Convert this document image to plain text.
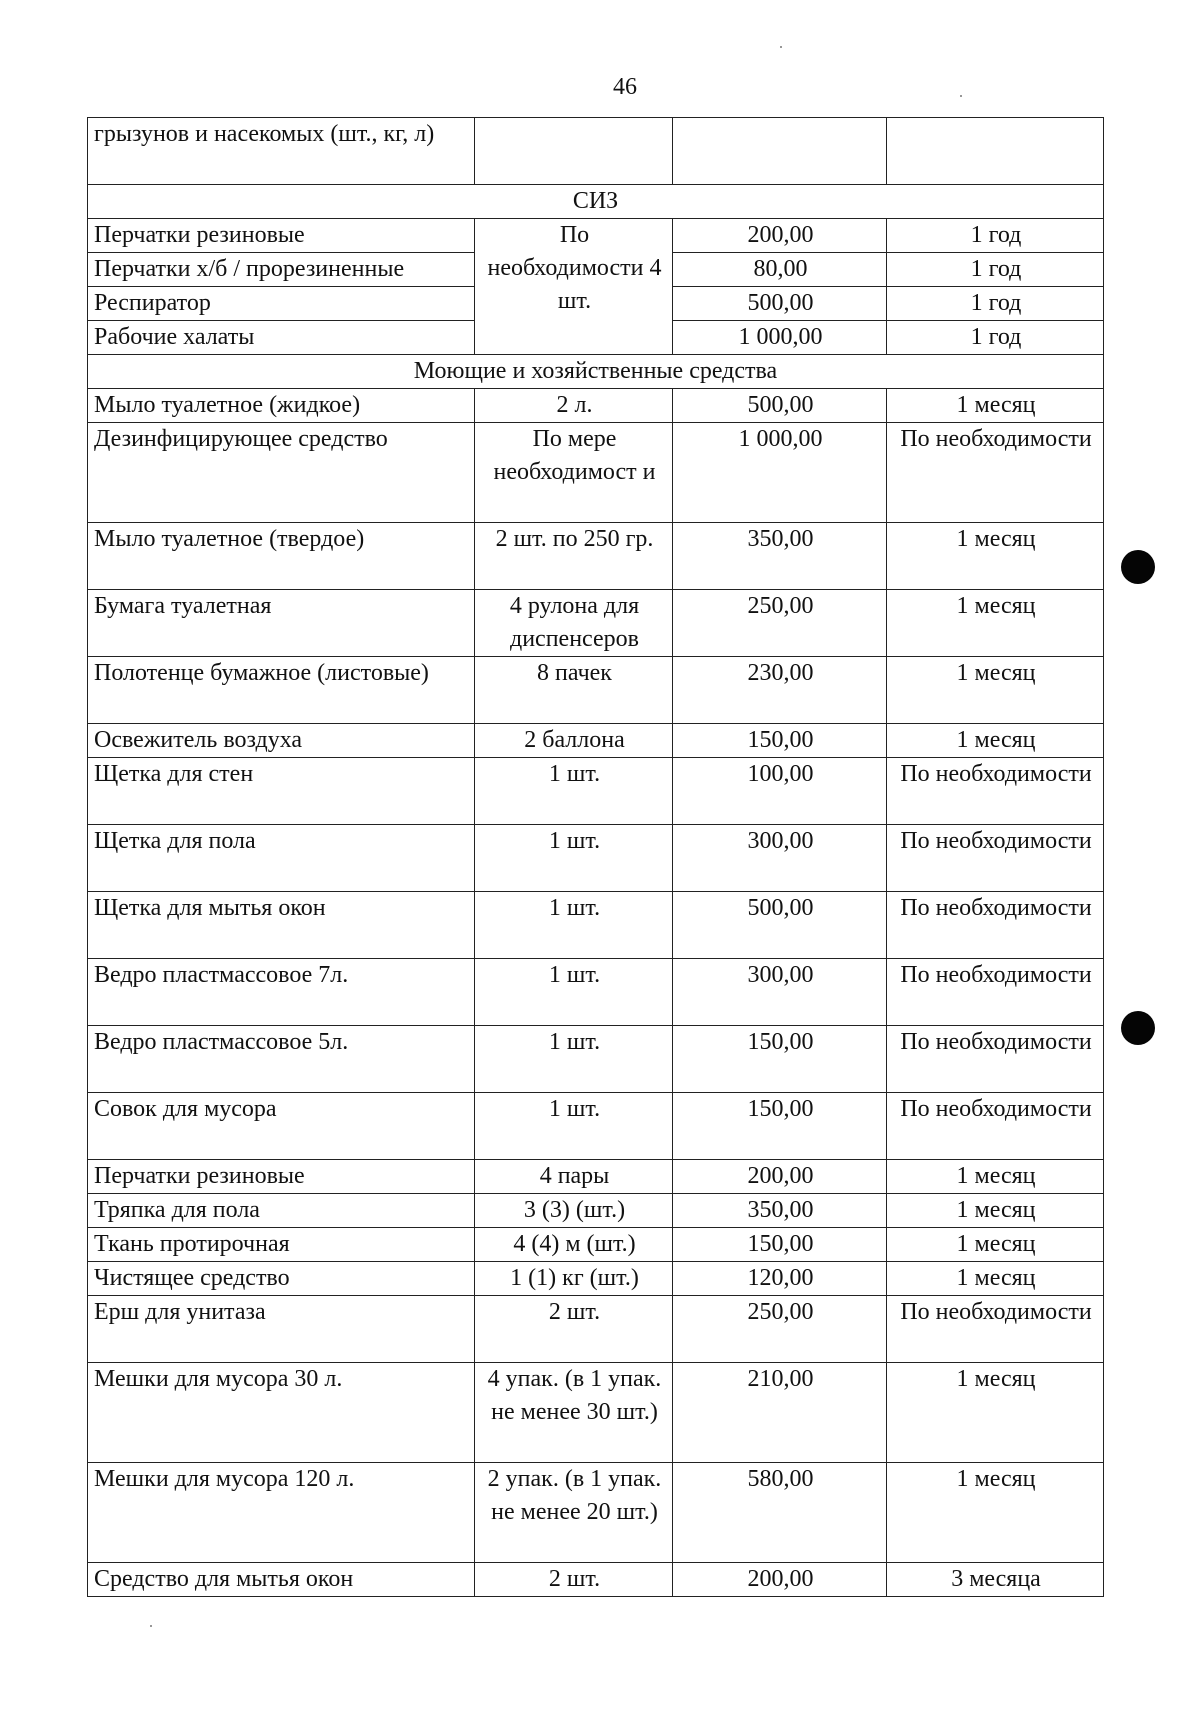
46
грызунов и насекомых (шт., кг, л)			
СИЗ			
Перчатки резиновые	По необходимости 4 шт.	200,00	1 год
Перчатки х/б / прорезиненные		80,00	1 год
Респиратор		500,00	1 год
Рабочие халаты		1 000,00	1 год
Моющие и хозяйственные средства			
Мыло туалетное (жидкое)	2 л.	500,00	1 месяц
Дезинфицирующее средство	По мере необходимост и	1 000,00	По необходимости
Мыло туалетное (твердое)	2 шт. по 250 гр.	350,00	1 месяц
Бумага туалетная	4 рулона для диспенсеров	250,00	1 месяц
Полотенце бумажное (листовые)	8 пачек	230,00	1 месяц
Освежитель воздуха	2 баллона	150,00	1 месяц
Щетка для стен	1 шт.	100,00	По необходимости
Щетка для пола	1 шт.	300,00	По необходимости
Щетка для мытья окон	1 шт.	500,00	По необходимости
Ведро пластмассовое 7л.	1 шт.	300,00	По необходимости
Ведро пластмассовое 5л.	1 шт.	150,00	По необходимости
Совок для мусора	1 шт.	150,00	По необходимости
Перчатки резиновые	4 пары	200,00	1 месяц
Тряпка для пола	3 (3) (шт.)	350,00	1 месяц
Ткань протирочная	4 (4) м (шт.)	150,00	1 месяц
Чистящее средство	1 (1) кг (шт.)	120,00	1 месяц
Ерш для унитаза	2 шт.	250,00	По необходимости
Мешки для мусора 30 л.	4 упак. (в 1 упак. не менее 30 шт.)	210,00	1 месяц
Мешки для мусора 120 л.	2 упак. (в 1 упак. не менее 20 шт.)	580,00	1 месяц
Средство для мытья окон	2 шт.	200,00	3 месяца
